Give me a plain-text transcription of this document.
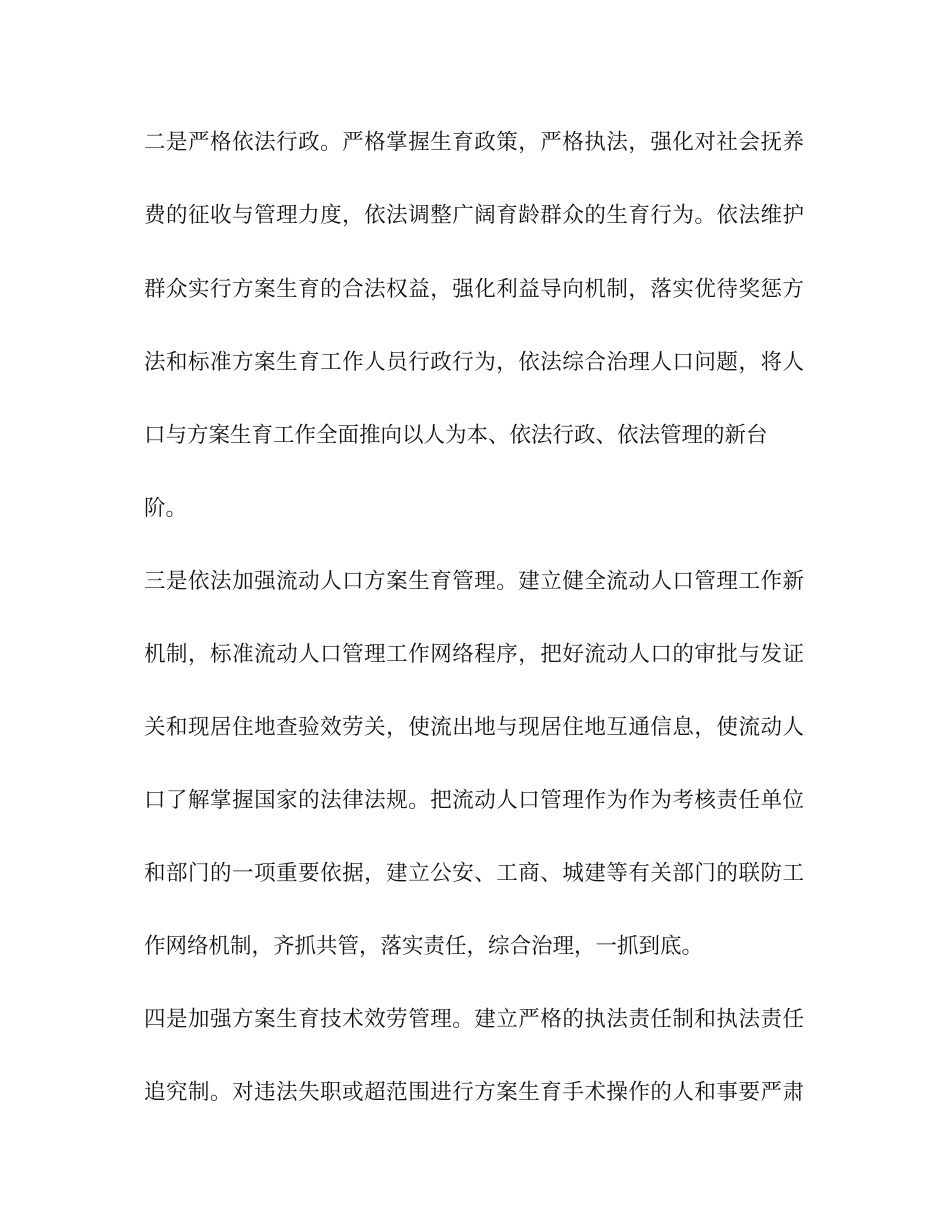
二是严格依法行政。严格掌握生育政策，严格执法，强化对社会抚养
费的征收与管理力度，依法调整广阔育龄群众的生育行为。依法维护
群众实行方案生育的合法权益，强化利益导向机制，落实优待奖惩方
法和标准方案生育工作人员行政行为，依法综合治理人口问题，将人
口与方案生育工作全面推向以人为本、依法行政、依法管理的新台
阶。
三是依法加强流动人口方案生育管理。建立健全流动人口管理工作新
机制，标准流动人口管理工作网络程序，把好流动人口的审批与发证
关和现居住地查验效劳关，使流出地与现居住地互通信息，使流动人
口了解掌握国家的法律法规。把流动人口管理作为作为考核责任单位
和部门的一项重要依据，建立公安、工商、城建等有关部门的联防工
作网络机制，齐抓共管，落实责任，综合治理，一抓到底。
四是加强方案生育技术效劳管理。建立严格的执法责任制和执法责任
追究制。对违法失职或超范围进行方案生育手术操作的人和事要严肃
